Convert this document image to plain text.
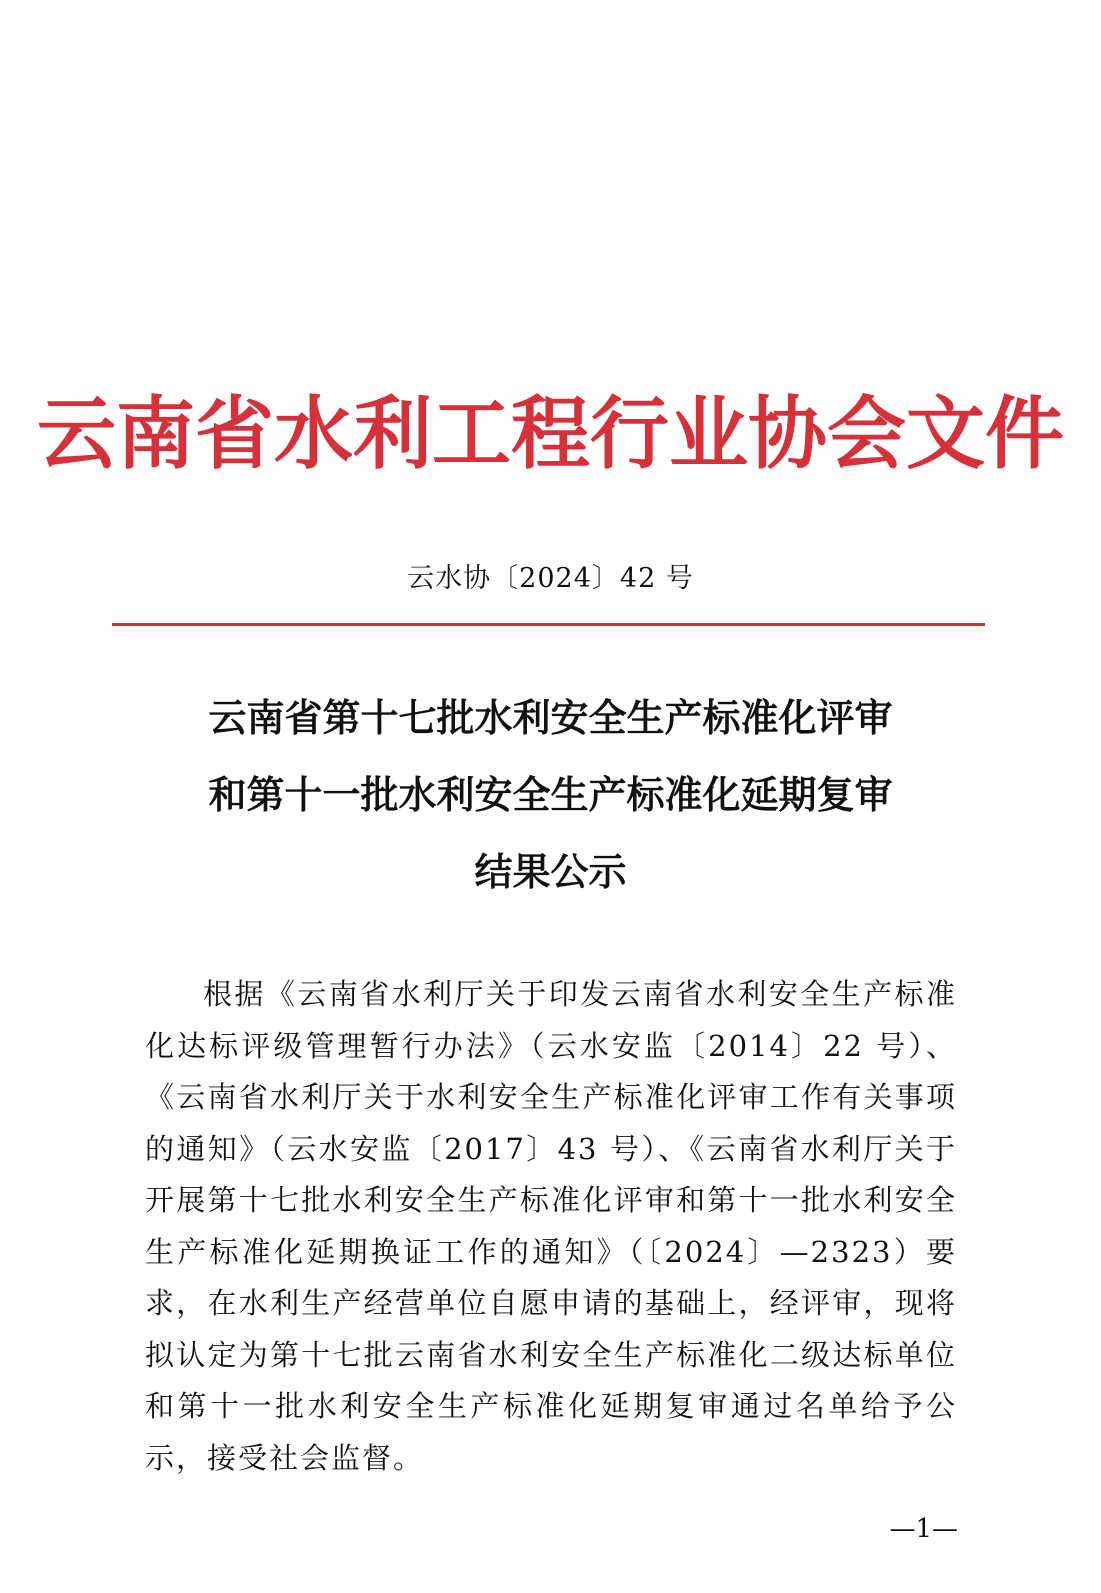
云南省水利工程行业协会文件
云水协〔2024〕42 号
云南省第十七批水利安全生产标准化评审
和第十一批水利安全生产标准化延期复审
结果公示

根据《云南省水利厅关于印发云南省水利安全生产标准化达标评级管理暂行办法》（云水安监〔2014〕22 号）、《云南省水利厅关于水利安全生产标准化评审工作有关事项的通知》（云水安监〔2017〕43 号）、《云南省水利厅关于开展第十七批水利安全生产标准化评审和第十一批水利安全生产标准化延期换证工作的通知》（〔2024〕—2323）要求，在水利生产经营单位自愿申请的基础上，经评审，现将拟认定为第十七批云南省水利安全生产标准化二级达标单位和第十一批水利安全生产标准化延期复审通过名单给予公示，接受社会监督。

—1—
